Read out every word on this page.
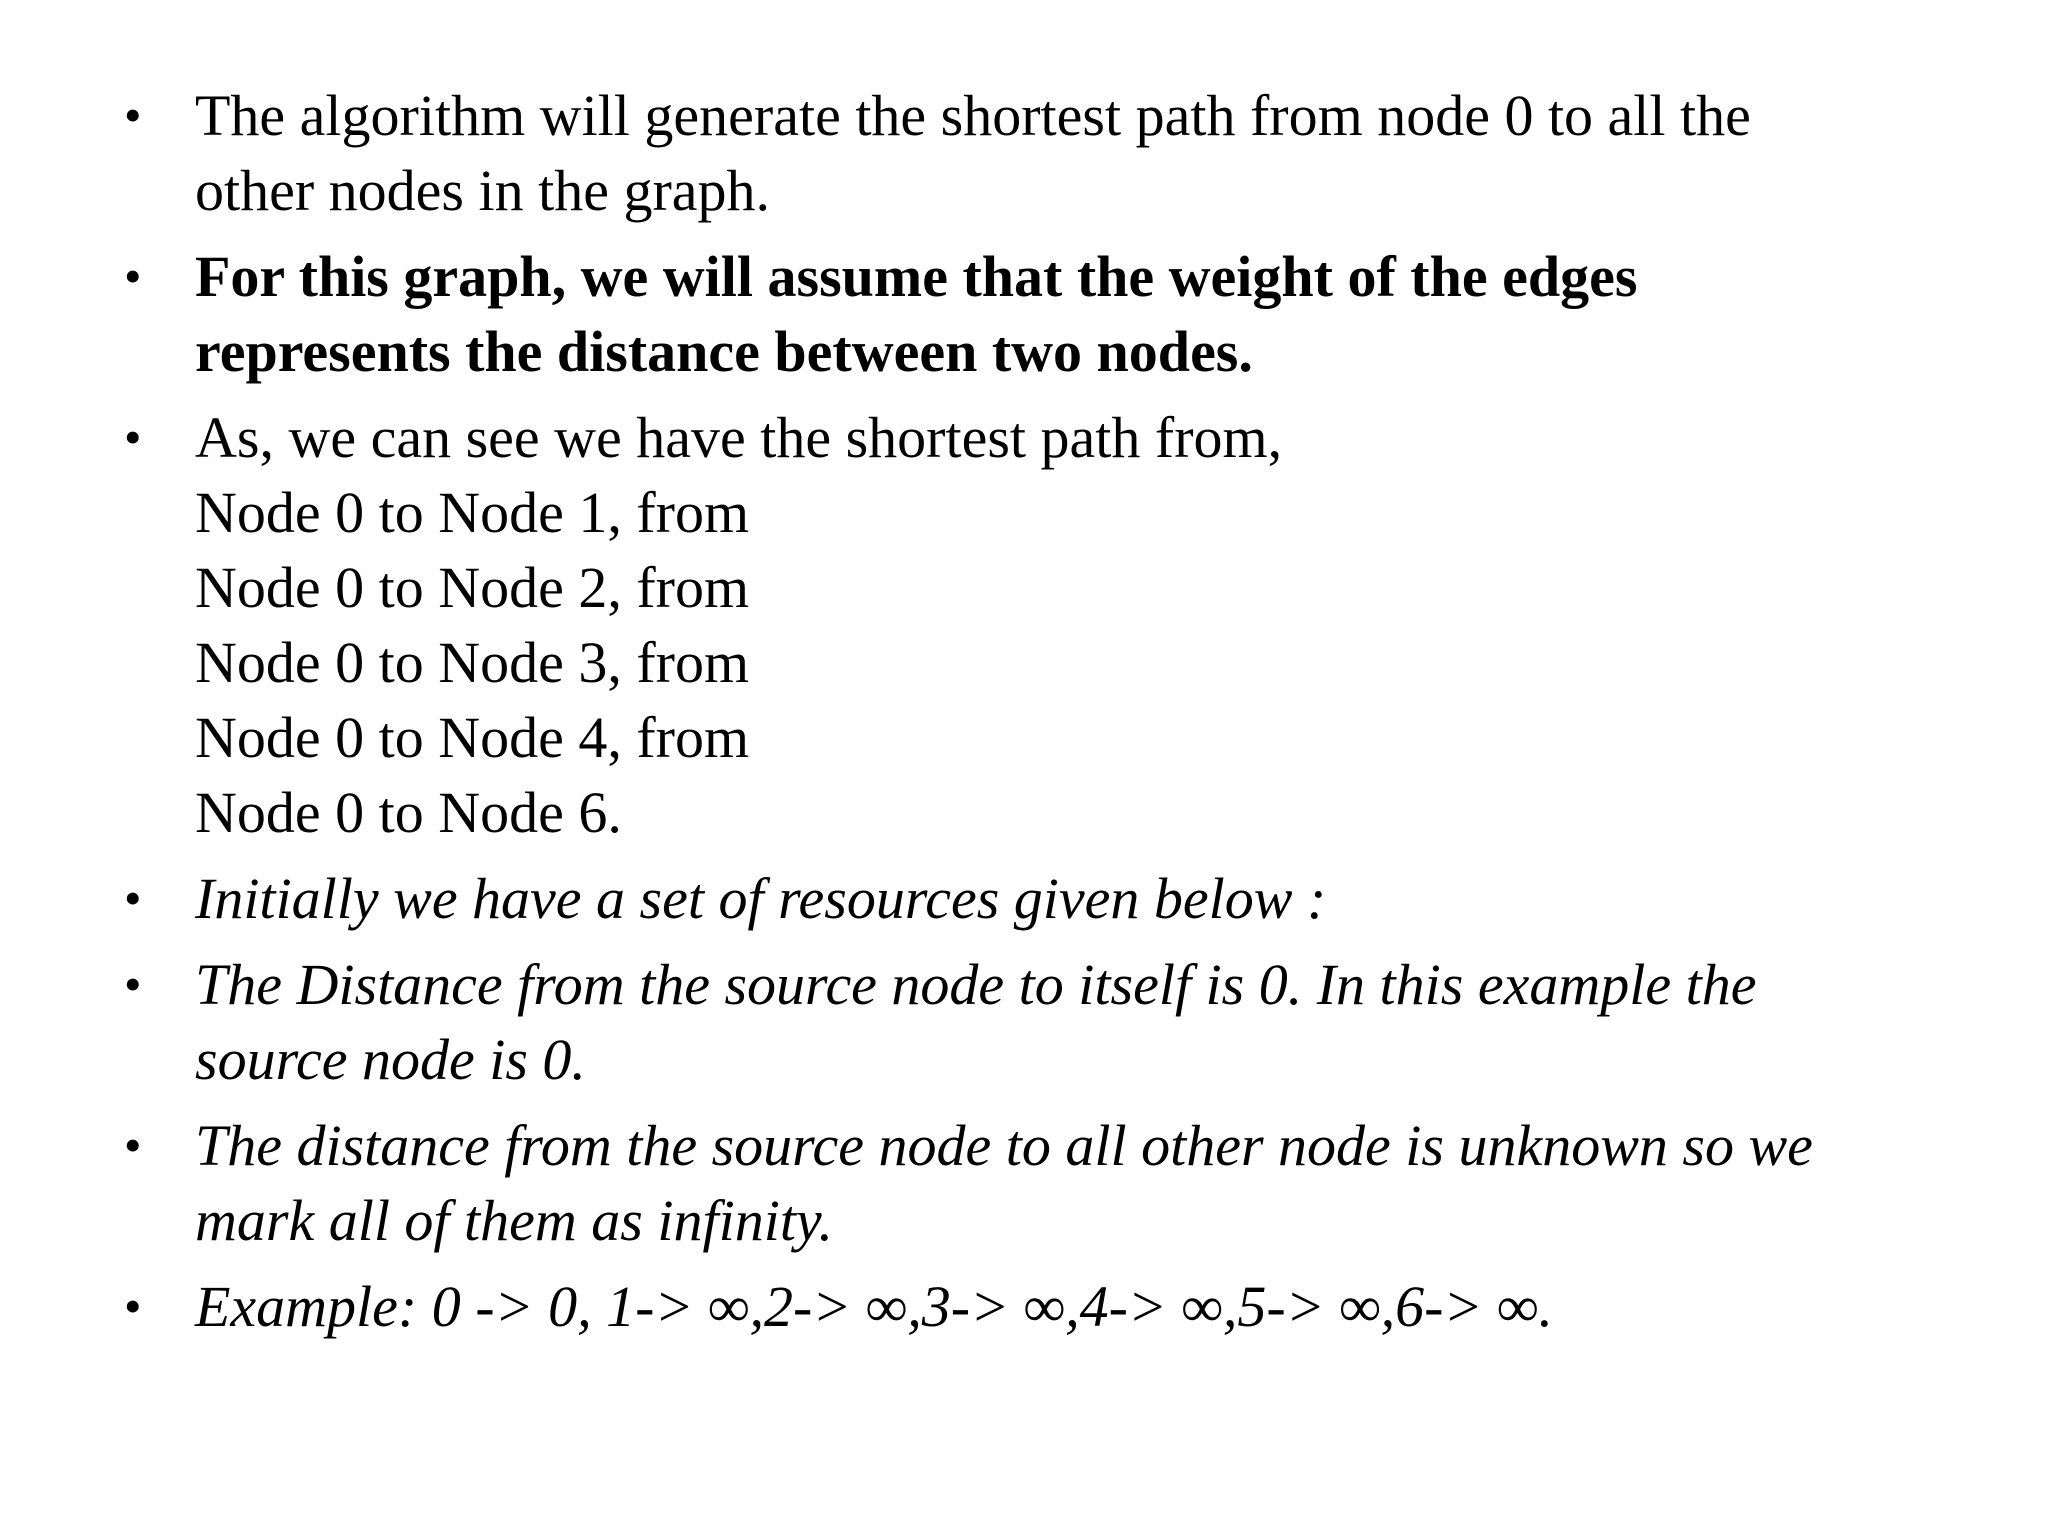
• The algorithm will generate the shortest path from node 0 to all the
other nodes in the graph.
• For this graph, we will assume that the weight of the edges
represents the distance between two nodes.
• As, we can see we have the shortest path from,
Node 0 to Node 1, from
Node 0 to Node 2, from
Node 0 to Node 3, from
Node 0 to Node 4, from
Node 0 to Node 6.
• Initially we have a set of resources given below :
• The Distance from the source node to itself is 0. In this example the
source node is 0.
• The distance from the source node to all other node is unknown so we
mark all of them as infinity.
• Example: 0 -> 0, 1-> ∞,2-> ∞,3-> ∞,4-> ∞,5-> ∞,6-> ∞.
